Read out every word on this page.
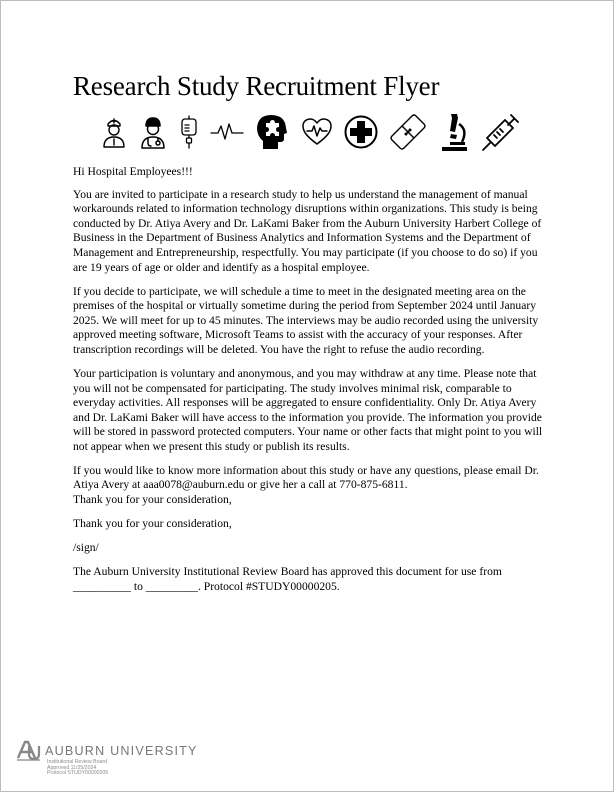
Research Study Recruitment Flyer

Hi Hospital Employees!!!

You are invited to participate in a research study to help us understand the management of manual workarounds related to information technology disruptions within organizations. This study is being conducted by Dr. Atiya Avery and Dr. LaKami Baker from the Auburn University Harbert College of Business in the Department of Business Analytics and Information Systems and the Department of Management and Entrepreneurship, respectfully. You may participate (if you choose to do so) if you are 19 years of age or older and identify as a hospital employee.

If you decide to participate, we will schedule a time to meet in the designated meeting area on the premises of the hospital or virtually sometime during the period from September 2024 until January 2025. We will meet for up to 45 minutes. The interviews may be audio recorded using the university approved meeting software, Microsoft Teams to assist with the accuracy of your responses. After transcription recordings will be deleted. You have the right to refuse the audio recording.

Your participation is voluntary and anonymous, and you may withdraw at any time. Please note that you will not be compensated for participating. The study involves minimal risk, comparable to everyday activities. All responses will be aggregated to ensure confidentiality. Only Dr. Atiya Avery and Dr. LaKami Baker will have access to the information you provide. The information you provide will be stored in password protected computers. Your name or other facts that might point to you will not appear when we present this study or publish its results.

If you would like to know more information about this study or have any questions, please email Dr. Atiya Avery at aaa0078@auburn.edu or give her a call at 770-875-6811.
Thank you for your consideration,

Thank you for your consideration,

/sign/

The Auburn University Institutional Review Board has approved this document for use from
__________ to _________. Protocol #STUDY00000205.

AUBURN UNIVERSITY
Institutional Review Board
Approved 11/25/2024
Protocol STUDY00000205
